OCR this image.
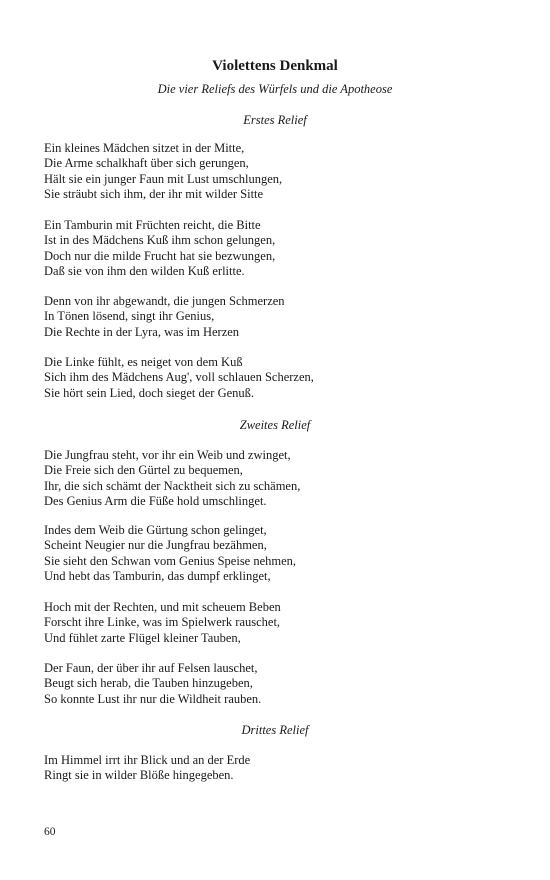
Violettens Denkmal
Die vier Reliefs des Würfels und die Apotheose
Erstes Relief
Ein kleines Mädchen sitzet in der Mitte,
Die Arme schalkhaft über sich gerungen,
Hält sie ein junger Faun mit Lust umschlungen,
Sie sträubt sich ihm, der ihr mit wilder Sitte
Ein Tamburin mit Früchten reicht, die Bitte
Ist in des Mädchens Kuß ihm schon gelungen,
Doch nur die milde Frucht hat sie bezwungen,
Daß sie von ihm den wilden Kuß erlitte.
Denn von ihr abgewandt, die jungen Schmerzen
In Tönen lösend, singt ihr Genius,
Die Rechte in der Lyra, was im Herzen
Die Linke fühlt, es neiget von dem Kuß
Sich ihm des Mädchens Aug', voll schlauen Scherzen,
Sie hört sein Lied, doch sieget der Genuß.
Zweites Relief
Die Jungfrau steht, vor ihr ein Weib und zwinget,
Die Freie sich den Gürtel zu bequemen,
Ihr, die sich schämt der Nacktheit sich zu schämen,
Des Genius Arm die Füße hold umschlinget.
Indes dem Weib die Gürtung schon gelinget,
Scheint Neugier nur die Jungfrau bezähmen,
Sie sieht den Schwan vom Genius Speise nehmen,
Und hebt das Tamburin, das dumpf erklinget,
Hoch mit der Rechten, und mit scheuem Beben
Forscht ihre Linke, was im Spielwerk rauschet,
Und fühlet zarte Flügel kleiner Tauben,
Der Faun, der über ihr auf Felsen lauschet,
Beugt sich herab, die Tauben hinzugeben,
So konnte Lust ihr nur die Wildheit rauben.
Drittes Relief
Im Himmel irrt ihr Blick und an der Erde
Ringt sie in wilder Blöße hingegeben.
60
